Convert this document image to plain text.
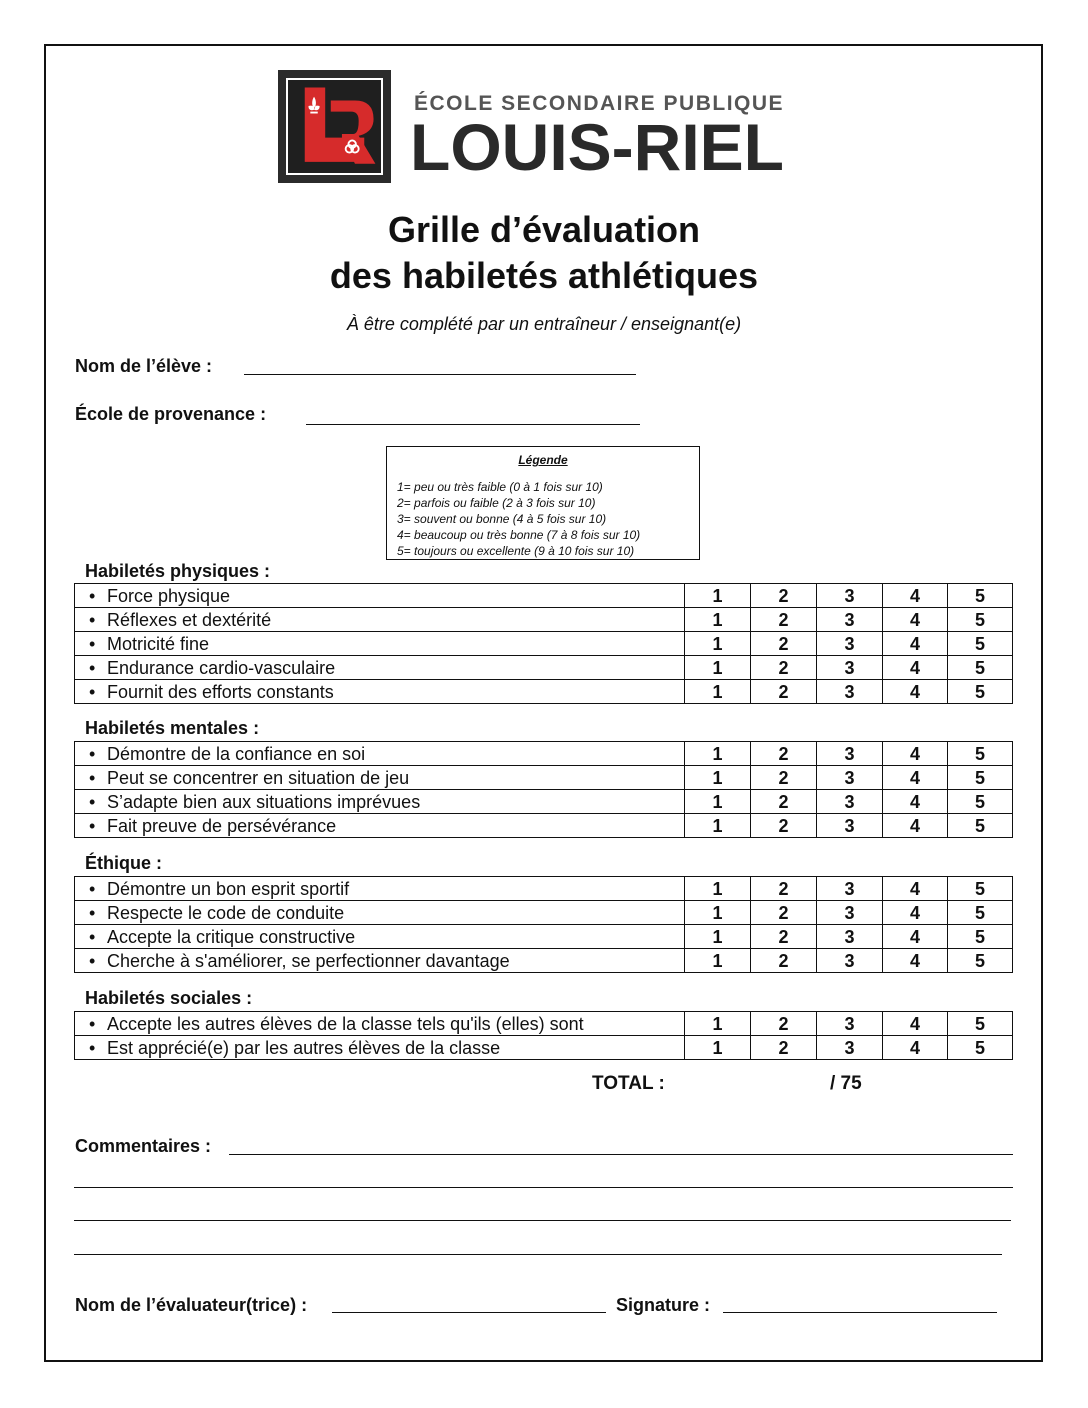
ÉCOLE SECONDAIRE PUBLIQUE
LOUIS-RIEL
Grille d’évaluation
des habiletés athlétiques
À être complété par un entraîneur / enseignant(e)
Nom de l’élève :
École de provenance :
Légende
1= peu ou très faible (0 à 1 fois sur 10)
2= parfois ou faible (2 à 3 fois sur 10)
3= souvent ou bonne (4 à 5 fois sur 10)
4= beaucoup ou très bonne (7 à 8 fois sur 10)
5= toujours ou excellente (9 à 10 fois sur 10)
Habiletés physiques :
Habiletés mentales :
Éthique :
Habiletés sociales :
• Force physique	1	2	3	4	5
• Réflexes et dextérité	1	2	3	4	5
• Motricité fine	1	2	3	4	5
• Endurance cardio-vasculaire	1	2	3	4	5
• Fournit des efforts constants	1	2	3	4	5
• Démontre de la confiance en soi	1	2	3	4	5
• Peut se concentrer en situation de jeu	1	2	3	4	5
• S’adapte bien aux situations imprévues	1	2	3	4	5
• Fait preuve de persévérance	1	2	3	4	5
• Démontre un bon esprit sportif	1	2	3	4	5
• Respecte le code de conduite	1	2	3	4	5
• Accepte la critique constructive	1	2	3	4	5
• Cherche à s'améliorer, se perfectionner davantage	1	2	3	4	5
• Accepte les autres élèves de la classe tels qu'ils (elles) sont	1	2	3	4	5
• Est apprécié(e) par les autres élèves de la classe	1	2	3	4	5
TOTAL :	/ 75
Commentaires :
Nom de l’évaluateur(trice) :	Signature :
